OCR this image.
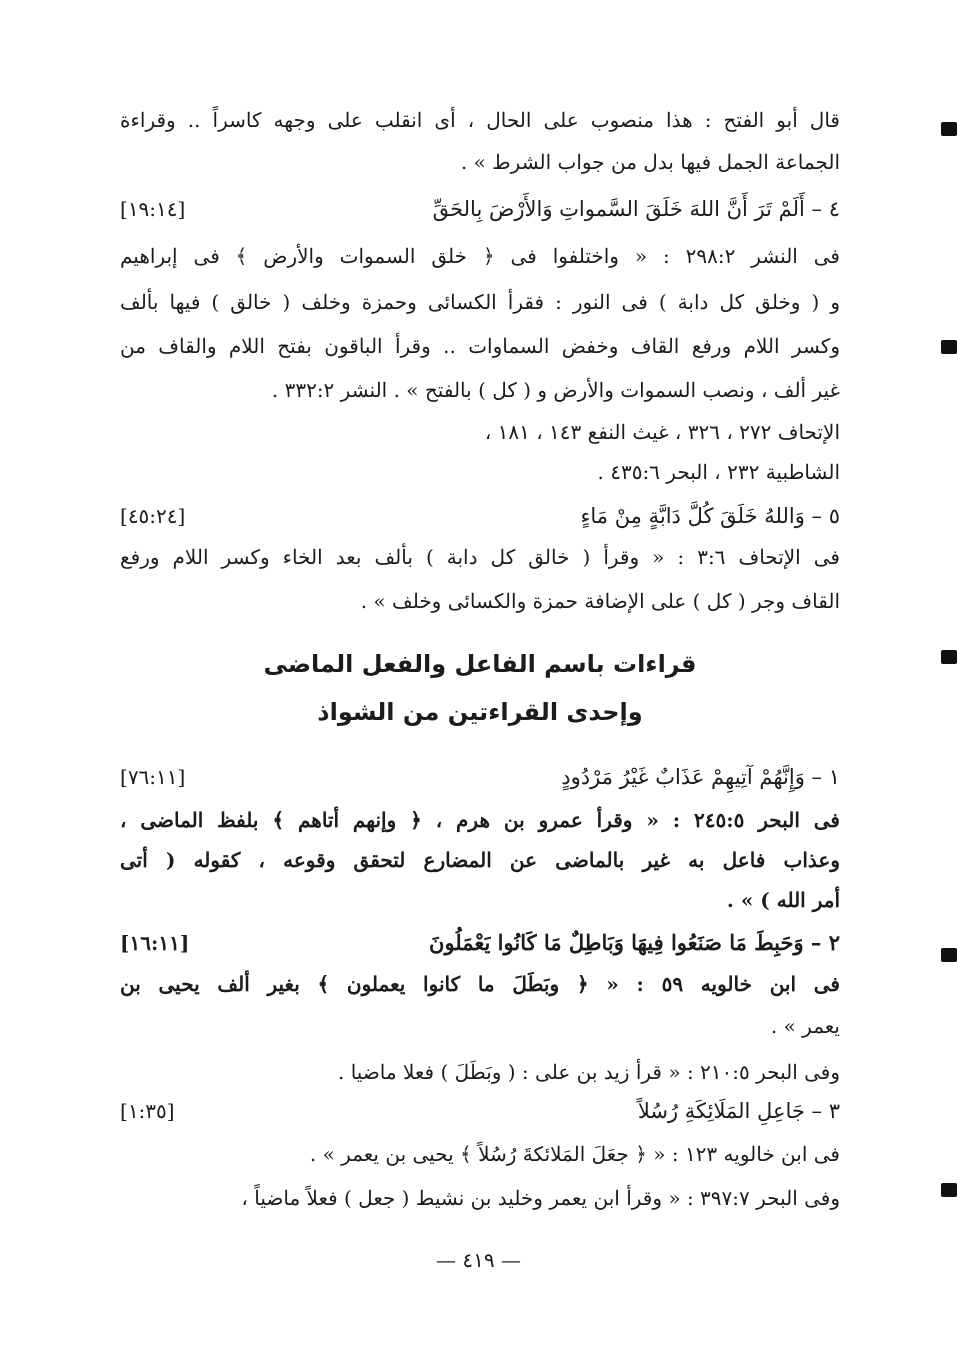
قال أبو الفتح : هذا منصوب على الحال ، أى انقلب على وجهه كاسراً .. وقراءة
الجماعة الجمل فيها بدل من جواب الشرط » .
٤ – أَلَمْ تَرَ أَنَّ اللهَ خَلَقَ السَّمواتِ وَالأَرْضَ بِالحَقِّ
[١٩:١٤]
فى النشر ٢٩٨:٢ : « واختلفوا فى ﴿ خلق السموات والأرض ﴾ فى إبراهيم
و ( وخلق كل دابة ) فى النور : فقرأ الكسائى وحمزة وخلف ( خالق ) فيها بألف
وكسر اللام ورفع القاف وخفض السماوات .. وقرأ الباقون بفتح اللام والقاف من
غير ألف ، ونصب السموات والأرض و ( كل ) بالفتح » . النشر ٣٣٢:٢ .
الإتحاف ٢٧٢ ، ٣٢٦ ، غيث النفع ١٤٣ ، ١٨١ ،
الشاطبية ٢٣٢ ، البحر ٤٣٥:٦ .
٥ – وَاللهُ خَلَقَ كُلَّ دَابَّةٍ مِنْ مَاءٍ
[٤٥:٢٤]
فى الإتحاف ٣:٦ : « وقرأ ( خالق كل دابة ) بألف بعد الخاء وكسر اللام ورفع
القاف وجر ( كل ) على الإضافة حمزة والكسائى وخلف » .
قراءات باسم الفاعل والفعل الماضى
وإحدى القراءتين من الشواذ
١ – وَإِنَّهُمْ آتِيهِمْ عَذَابٌ غَيْرُ مَرْدُودٍ
[٧٦:١١]
فى البحر ٢٤٥:٥ : « وقرأ عمرو بن هرم ، ﴿ وإنهم أتاهم ﴾ بلفظ الماضى ،
وعذاب فاعل به غير بالماضى عن المضارع لتحقق وقوعه ، كقوله ( أتى
أمر الله ) » .
٢ – وَحَبِطَ مَا صَنَعُوا فِيهَا وَبَاطِلٌ مَا كَانُوا يَعْمَلُونَ
[١٦:١١]
فى ابن خالويه ٥٩ : « ﴿ وبَطَلَ ما كانوا يعملون ﴾ بغير ألف يحيى بن
يعمر » .
وفى البحر ٢١٠:٥ : « قرأ زيد بن على : ( وبَطَلَ ) فعلا ماضيا .
٣ – جَاعِلِ المَلَائِكَةِ رُسُلاً
[١:٣٥]
فى ابن خالويه ١٢٣ : « ﴿ جعَلَ المَلائكةَ رُسُلاً ﴾ يحيى بن يعمر » .
وفى البحر ٣٩٧:٧ : « وقرأ ابن يعمر وخليد بن نشيط ( جعل ) فعلاً ماضياً ،
— ٤١٩ —
